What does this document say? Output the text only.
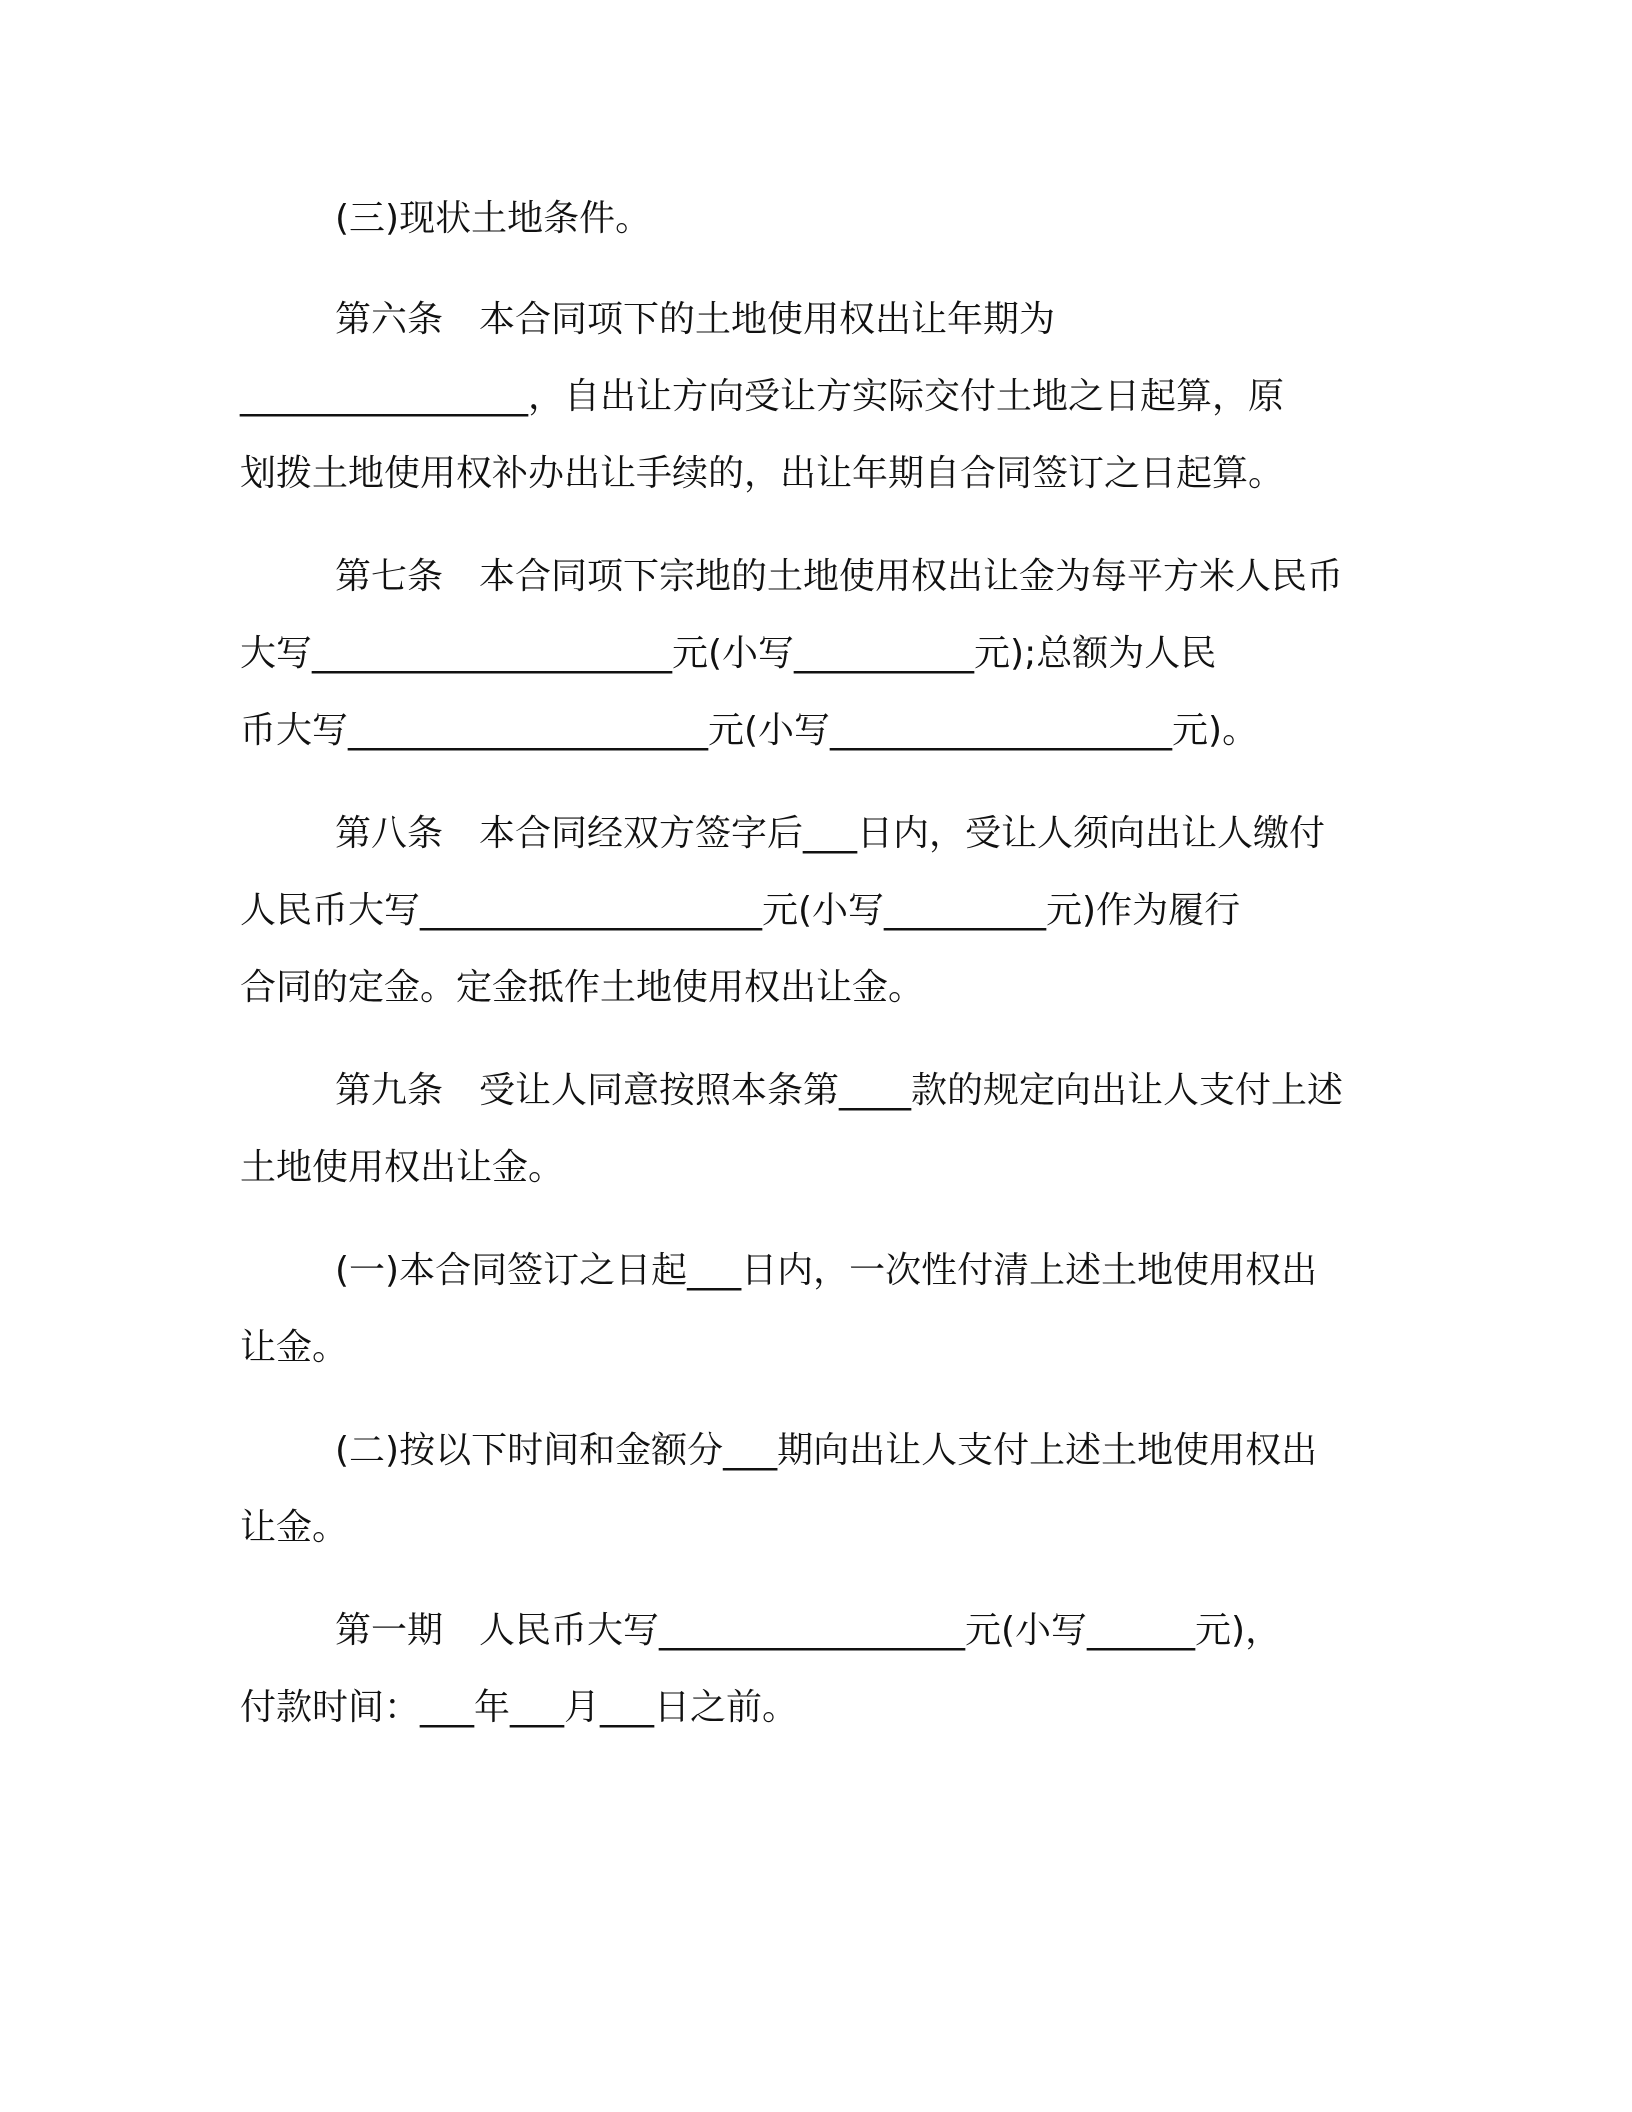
(三)现状土地条件。
第六条　本合同项下的土地使用权出让年期为
________________，自出让方向受让方实际交付土地之日起算，原
划拨土地使用权补办出让手续的，出让年期自合同签订之日起算。
第七条　本合同项下宗地的土地使用权出让金为每平方米人民币
大写____________________元(小写__________元);总额为人民
币大写____________________元(小写___________________元)。
第八条　本合同经双方签字后___日内，受让人须向出让人缴付
人民币大写___________________元(小写_________元)作为履行
合同的定金。定金抵作土地使用权出让金。
第九条　受让人同意按照本条第____款的规定向出让人支付上述
土地使用权出让金。
(一)本合同签订之日起___日内，一次性付清上述土地使用权出
让金。
(二)按以下时间和金额分___期向出让人支付上述土地使用权出
让金。
第一期　人民币大写_________________元(小写______元)，
付款时间：___年___月___日之前。
